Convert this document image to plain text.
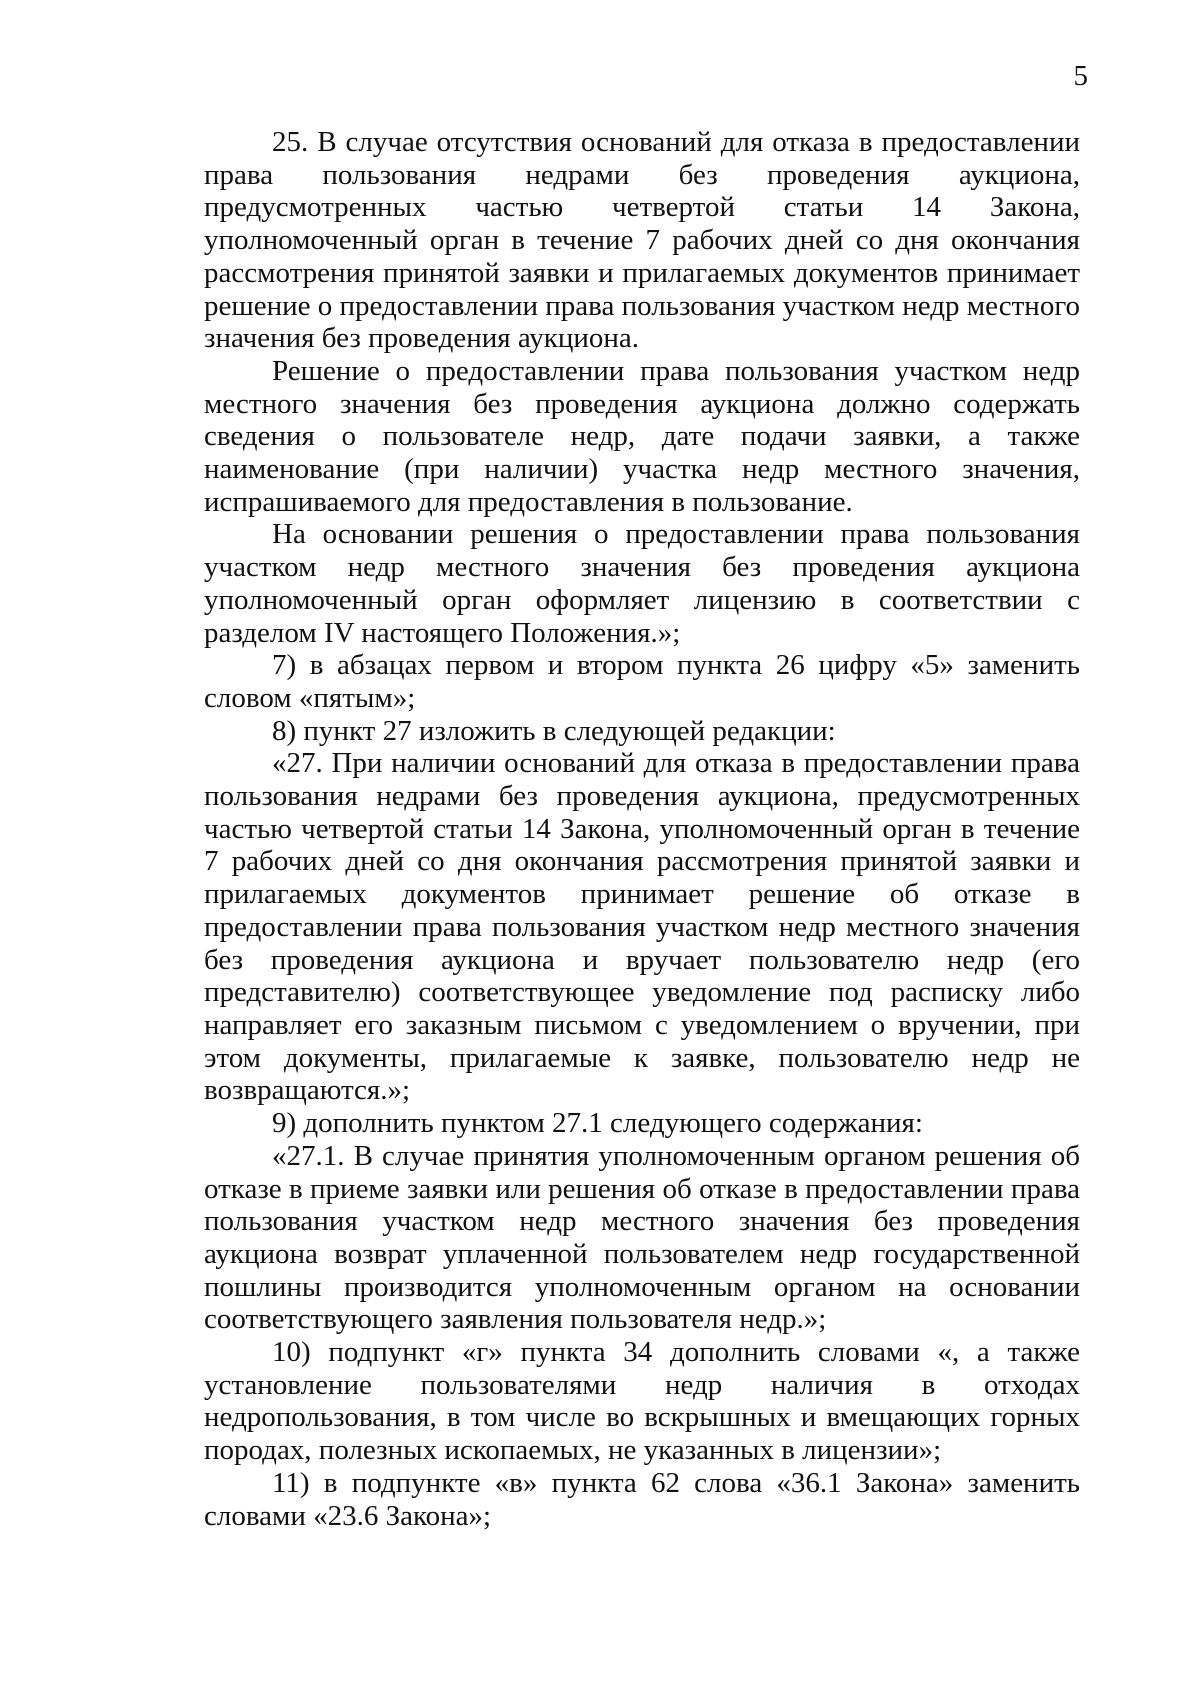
5

25. В случае отсутствия оснований для отказа в предоставлении права пользования недрами без проведения аукциона, предусмотренных частью четвертой статьи 14 Закона, уполномоченный орган в течение 7 рабочих дней со дня окончания рассмотрения принятой заявки и прилагаемых документов принимает решение о предоставлении права пользования участком недр местного значения без проведения аукциона.

Решение о предоставлении права пользования участком недр местного значения без проведения аукциона должно содержать сведения о пользователе недр, дате подачи заявки, а также наименование (при наличии) участка недр местного значения, испрашиваемого для предоставления в пользование.

На основании решения о предоставлении права пользования участком недр местного значения без проведения аукциона уполномоченный орган оформляет лицензию в соответствии с разделом IV настоящего Положения.»;

7) в абзацах первом и втором пункта 26 цифру «5» заменить словом «пятым»;

8) пункт 27 изложить в следующей редакции:

«27. При наличии оснований для отказа в предоставлении права пользования недрами без проведения аукциона, предусмотренных частью четвертой статьи 14 Закона, уполномоченный орган в течение 7 рабочих дней со дня окончания рассмотрения принятой заявки и прилагаемых документов принимает решение об отказе в предоставлении права пользования участком недр местного значения без проведения аукциона и вручает пользователю недр (его представителю) соответствующее уведомление под расписку либо направляет его заказным письмом с уведомлением о вручении, при этом документы, прилагаемые к заявке, пользователю недр не возвращаются.»;

9) дополнить пунктом 27.1 следующего содержания:

«27.1. В случае принятия уполномоченным органом решения об отказе в приеме заявки или решения об отказе в предоставлении права пользования участком недр местного значения без проведения аукциона возврат уплаченной пользователем недр государственной пошлины производится уполномоченным органом на основании соответствующего заявления пользователя недр.»;

10) подпункт «г» пункта 34 дополнить словами «, а также установление пользователями недр наличия в отходах недропользования, в том числе во вскрышных и вмещающих горных породах, полезных ископаемых, не указанных в лицензии»;

11) в подпункте «в» пункта 62 слова «36.1 Закона» заменить словами «23.6 Закона»;
